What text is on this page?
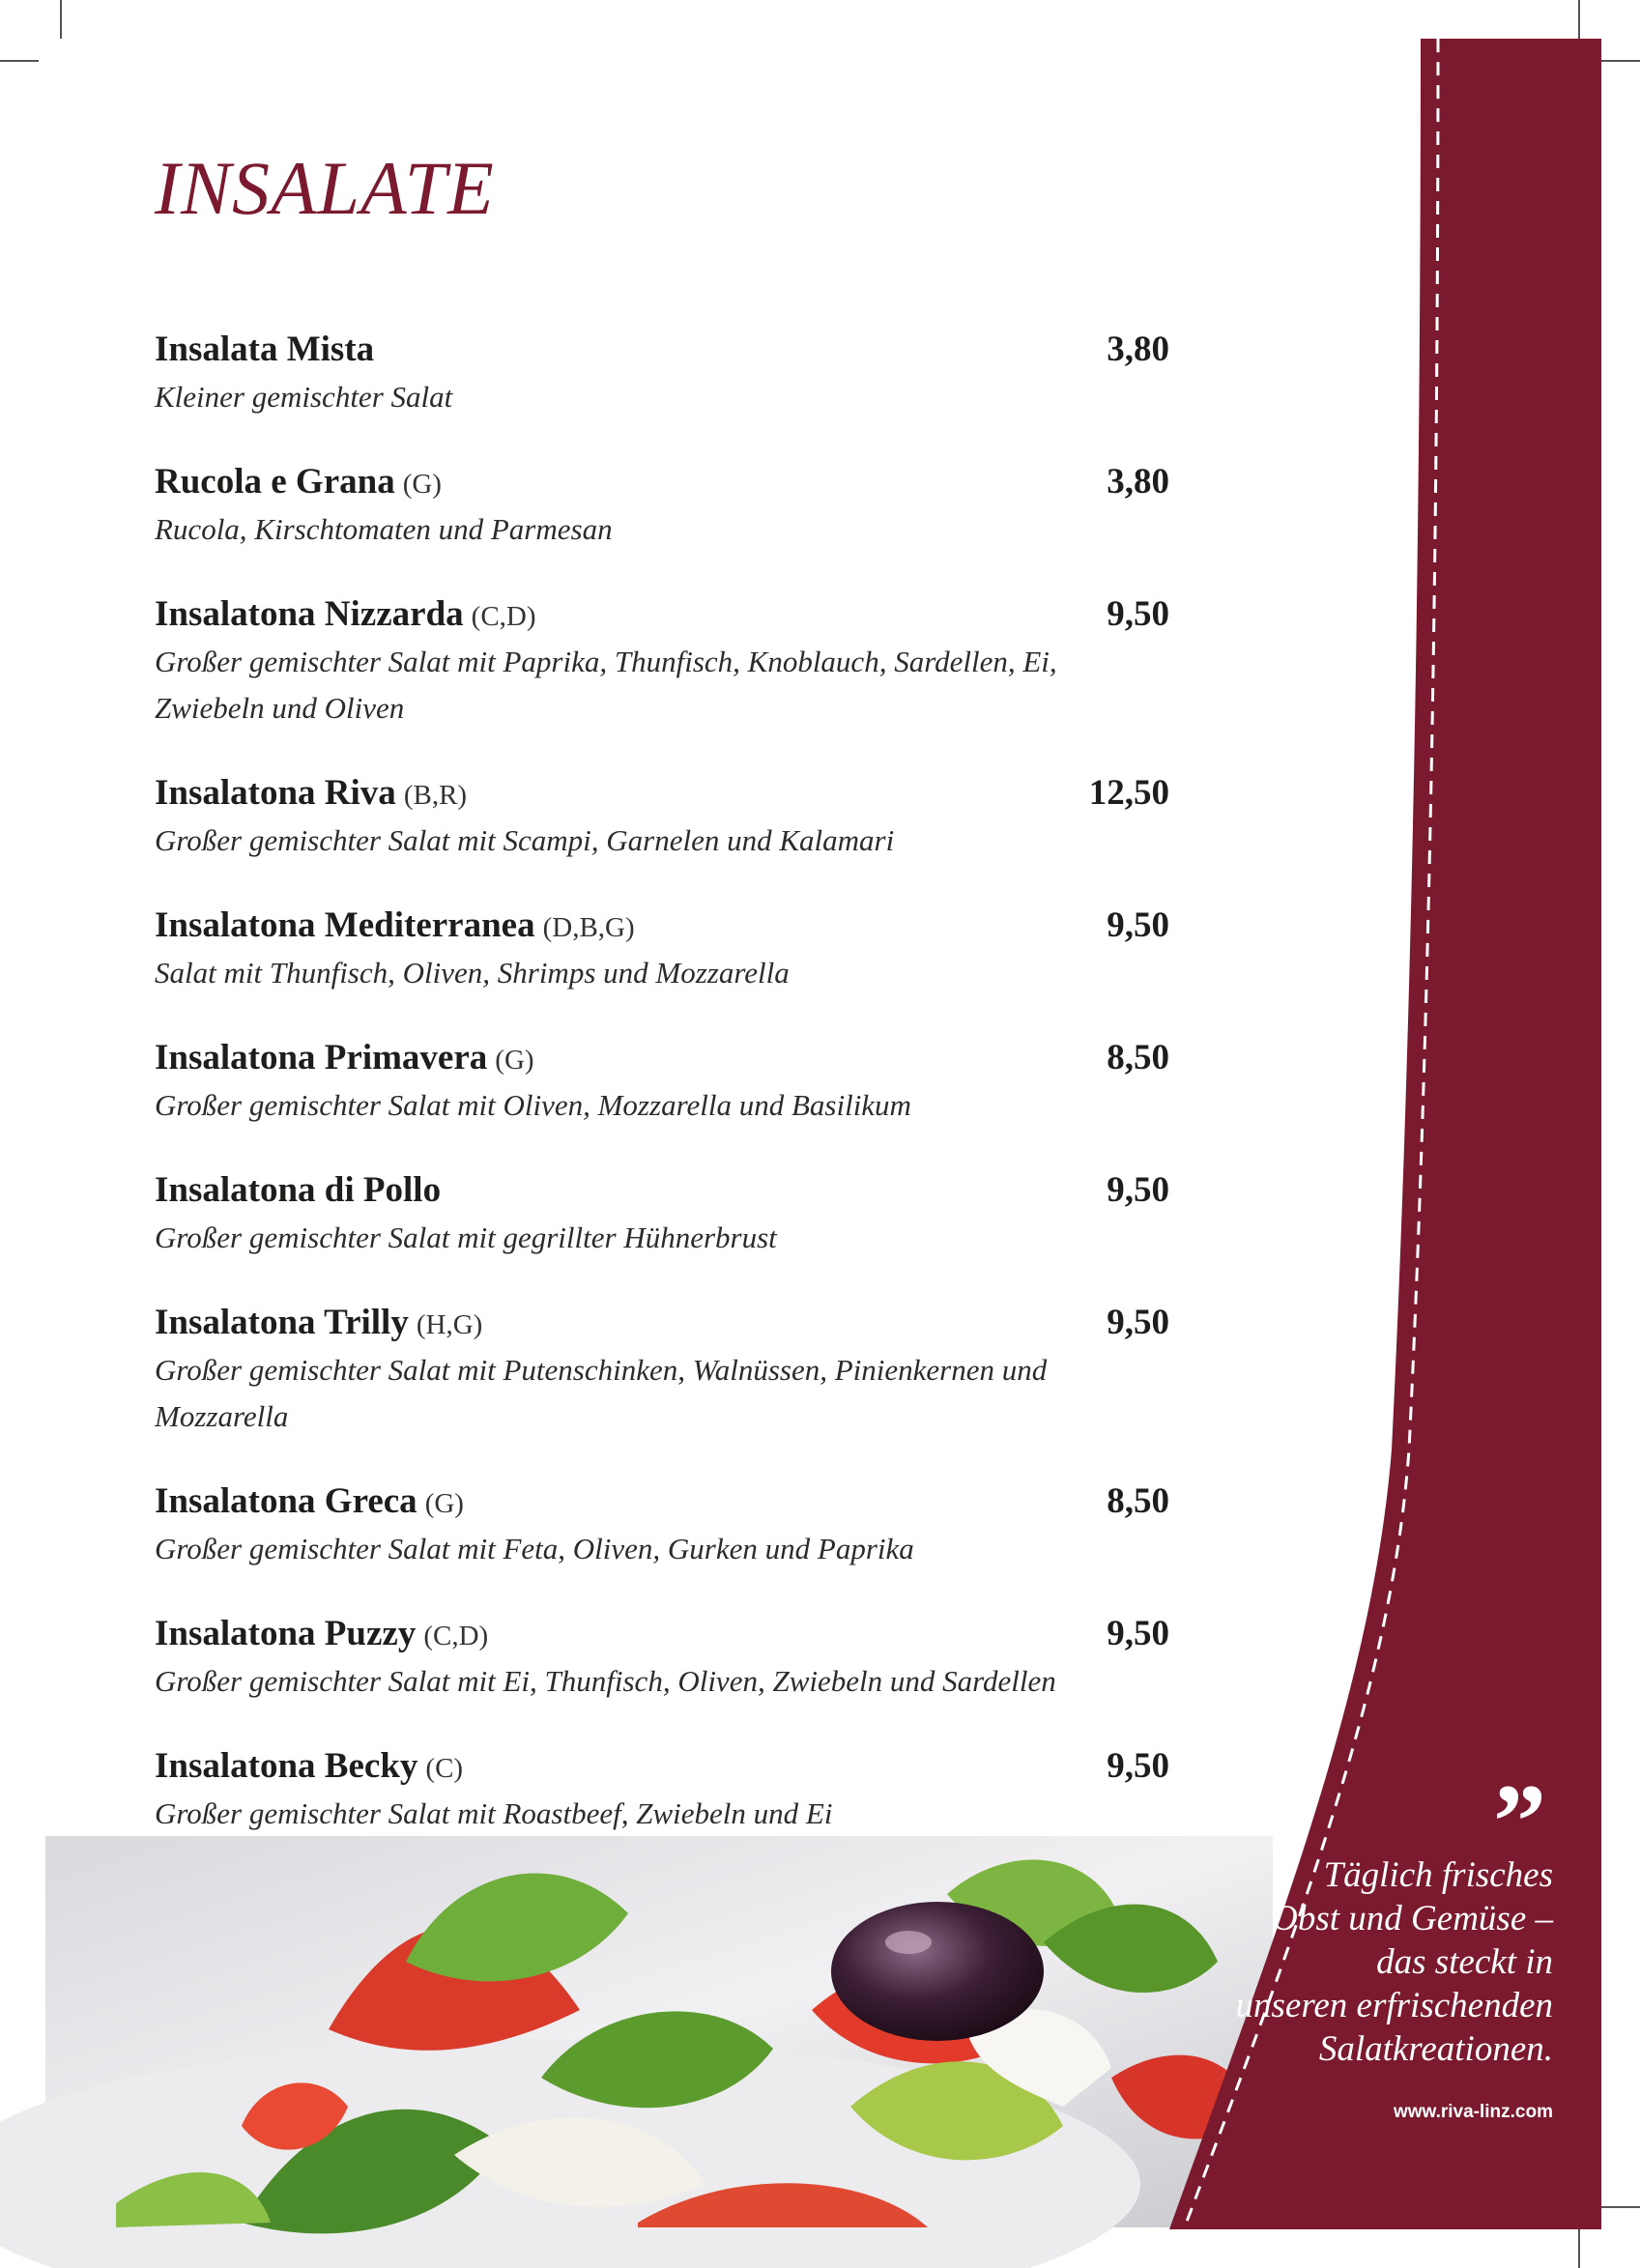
INSALATE
Insalata Mista	3,80
Kleiner gemischter Salat
Rucola e Grana (G)	3,80
Rucola, Kirschtomaten und Parmesan
Insalatona Nizzarda (C,D)	9,50
Großer gemischter Salat mit Paprika, Thunfisch, Knoblauch, Sardellen, Ei, Zwiebeln und Oliven
Insalatona Riva (B,R)	12,50
Großer gemischter Salat mit Scampi, Garnelen und Kalamari
Insalatona Mediterranea (D,B,G)	9,50
Salat mit Thunfisch, Oliven, Shrimps und Mozzarella
Insalatona Primavera (G)	8,50
Großer gemischter Salat mit Oliven, Mozzarella und Basilikum
Insalatona di Pollo	9,50
Großer gemischter Salat mit gegrillter Hühnerbrust
Insalatona Trilly (H,G)	9,50
Großer gemischter Salat mit Putenschinken, Walnüssen, Pinienkernen und Mozzarella
Insalatona Greca (G)	8,50
Großer gemischter Salat mit Feta, Oliven, Gurken und Paprika
Insalatona Puzzy (C,D)	9,50
Großer gemischter Salat mit Ei, Thunfisch, Oliven, Zwiebeln und Sardellen
Insalatona Becky (C)	9,50
Großer gemischter Salat mit Roastbeef, Zwiebeln und Ei	”
Täglich frisches
Obst und Gemüse –
das steckt in
unseren erfrischenden
Salatkreationen.
www.riva-linz.com
